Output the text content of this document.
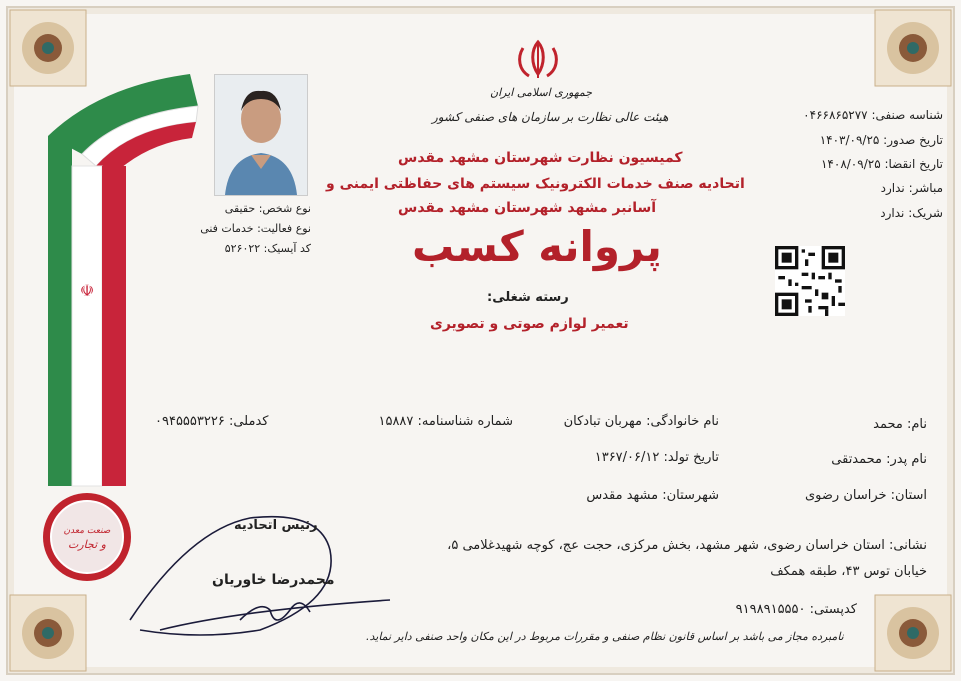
☫
نوع شخص: حقیقی
نوع فعالیت: خدمات فنی
کد آیسیک: ۵۲۶۰۲۲
جمهوری اسلامی ایران
هیئت عالی نظارت بر سازمان های صنفی کشور
کمیسیون نظارت شهرستان مشهد مقدس
اتحادیه صنف خدمات الکترونیک سیستم های حفاظتی ایمنی و
آسانبر مشهد شهرستان مشهد مقدس
پروانه کسب
رسته شغلی:
تعمیر لوازم صوتی و تصویری
شناسه صنفی: ۰۴۶۶۸۶۵۲۷۷
تاریخ صدور: ۱۴۰۳/۰۹/۲۵
تاریخ انقضا: ۱۴۰۸/۰۹/۲۵
مباشر: ندارد
شریک: ندارد
نام: محمد
نام خانوادگی: مهربان تبادکان
شماره شناسنامه: ۱۵۸۸۷
کدملی: ۰۹۴۵۵۵۳۲۲۶
نام پدر: محمدتقی
تاریخ تولد: ۱۳۶۷/۰۶/۱۲
استان: خراسان رضوی
شهرستان: مشهد مقدس
نشانی: استان خراسان رضوی، شهر مشهد، بخش مرکزی، حجت عج، کوچه شهیدغلامی ۵،
خیابان توس ۴۳، طبقه همکف
کدپستی: ۹۱۹۸۹۱۵۵۵۰
صنعت معدن
و تجارت
رئیس اتحادیه
محمدرضا خاوریان
نامبرده مجاز می باشد بر اساس قانون نظام صنفی و مقررات مربوط در این مکان واحد صنفی دایر نماید.
